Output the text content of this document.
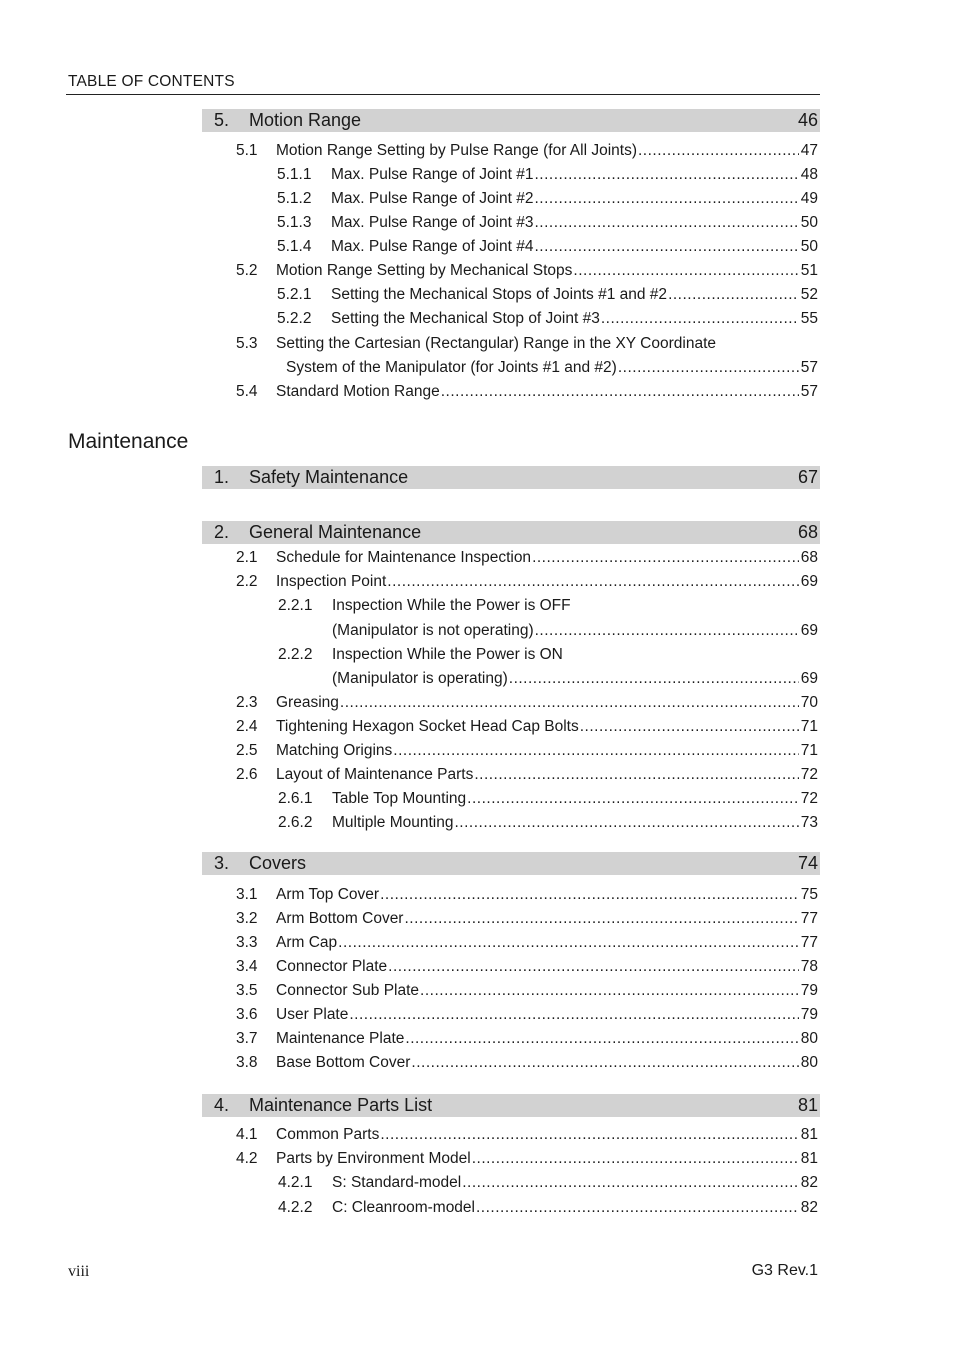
TABLE OF CONTENTS
5. Motion Range	46
5.1 Motion Range Setting by Pulse Range (for All Joints) .....	47
5.1.1 Max. Pulse Range of Joint #1 .....	48
5.1.2 Max. Pulse Range of Joint #2 .....	49
5.1.3 Max. Pulse Range of Joint #3 .....	50
5.1.4 Max. Pulse Range of Joint #4 .....	50
5.2 Motion Range Setting by Mechanical Stops .....	51
5.2.1 Setting the Mechanical Stops of Joints #1 and #2 .....	52
5.2.2 Setting the Mechanical Stop of Joint #3 .....	55
5.3 Setting the Cartesian (Rectangular) Range in the XY Coordinate
System of the Manipulator (for Joints #1 and #2) .....	57
5.4 Standard Motion Range .....	57
Maintenance
1. Safety Maintenance	67
2. General Maintenance	68
2.1 Schedule for Maintenance Inspection .....	68
2.2 Inspection Point .....	69
2.2.1 Inspection While the Power is OFF
(Manipulator is not operating) .....	69
2.2.2 Inspection While the Power is ON
(Manipulator is operating) .....	69
2.3 Greasing .....	70
2.4 Tightening Hexagon Socket Head Cap Bolts .....	71
2.5 Matching Origins .....	71
2.6 Layout of Maintenance Parts .....	72
2.6.1 Table Top Mounting .....	72
2.6.2 Multiple Mounting .....	73
3. Covers	74
3.1 Arm Top Cover .....	75
3.2 Arm Bottom Cover .....	77
3.3 Arm Cap .....	77
3.4 Connector Plate .....	78
3.5 Connector Sub Plate .....	79
3.6 User Plate .....	79
3.7 Maintenance Plate .....	80
3.8 Base Bottom Cover .....	80
4. Maintenance Parts List	81
4.1 Common Parts .....	81
4.2 Parts by Environment Model .....	81
4.2.1 S: Standard-model .....	82
4.2.2 C: Cleanroom-model .....	82
viii	G3 Rev.1
